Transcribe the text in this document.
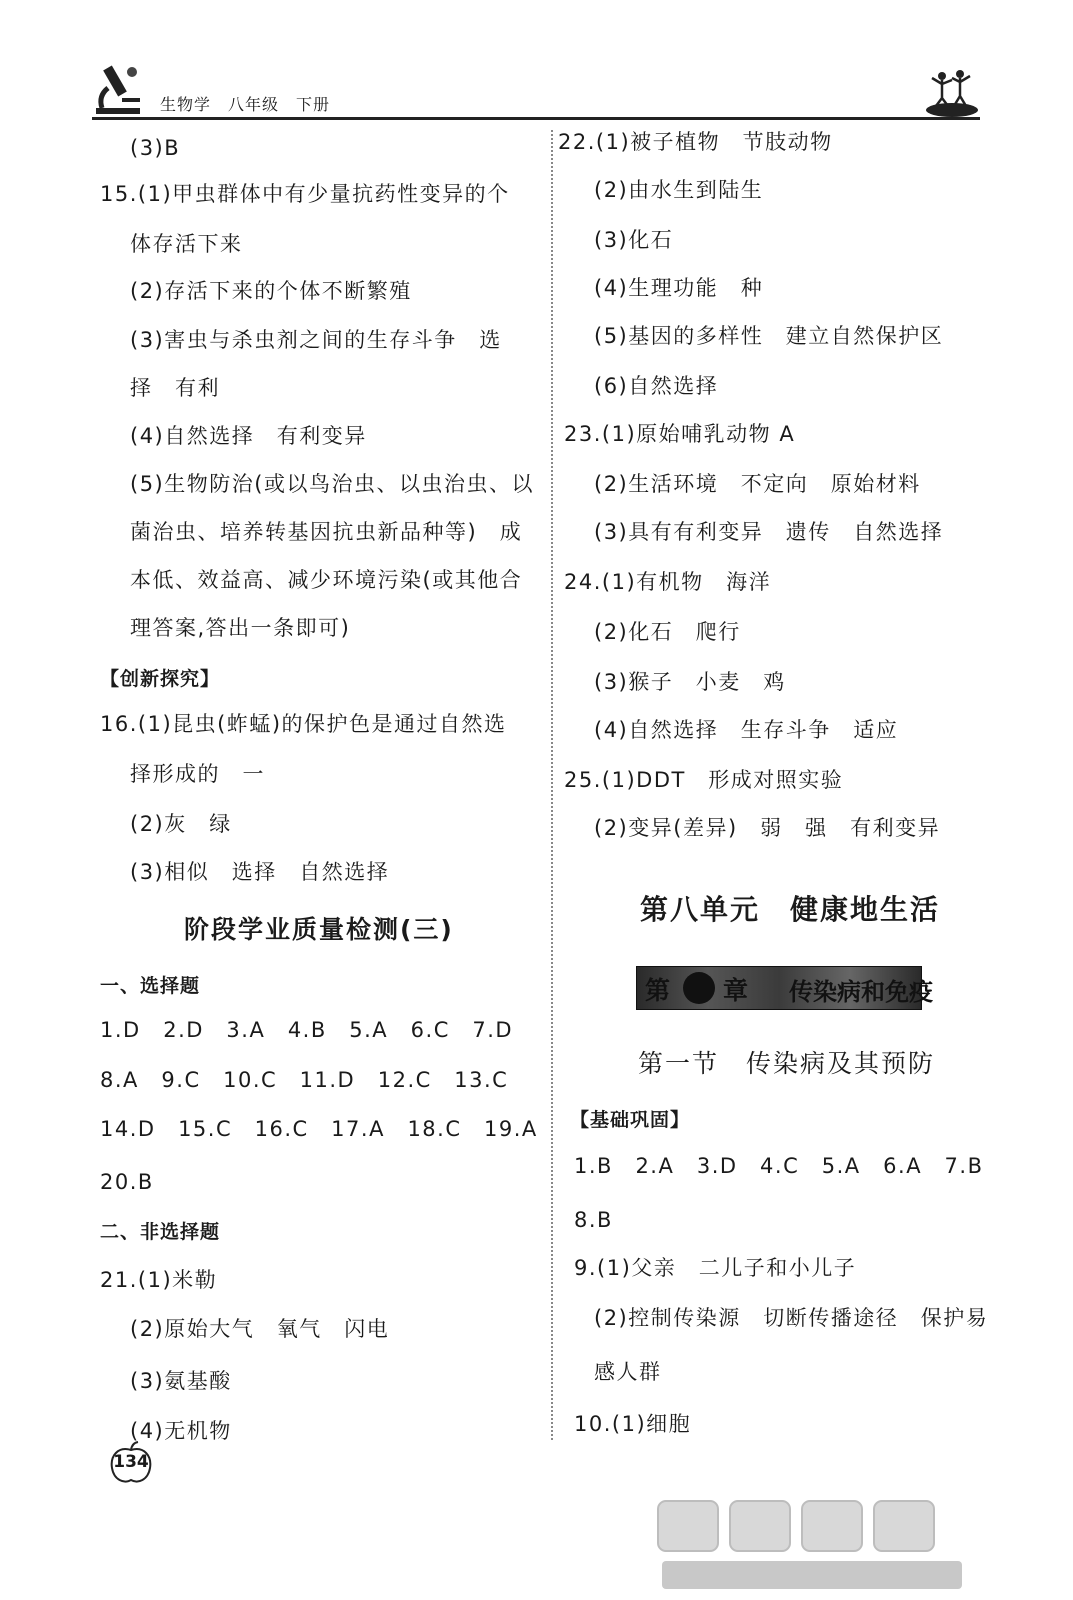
生物学　八年级　下册
(3)B
15.(1)甲虫群体中有少量抗药性变异的个
体存活下来
(2)存活下来的个体不断繁殖
(3)害虫与杀虫剂之间的生存斗争　选
择　有利
(4)自然选择　有利变异
(5)生物防治(或以鸟治虫、以虫治虫、以
菌治虫、培养转基因抗虫新品种等)　成
本低、效益高、减少环境污染(或其他合
理答案,答出一条即可)
【创新探究】
16.(1)昆虫(蚱蜢)的保护色是通过自然选
择形成的　一
(2)灰　绿
(3)相似　选择　自然选择
阶段学业质量检测(三)
一、选择题
1.D　2.D　3.A　4.B　5.A　6.C　7.D
8.A　9.C　10.C　11.D　12.C　13.C
14.D　15.C　16.C　17.A　18.C　19.A
20.B
二、非选择题
21.(1)米勒
(2)原始大气　氧气　闪电
(3)氨基酸
(4)无机物
22.(1)被子植物　节肢动物
(2)由水生到陆生
(3)化石
(4)生理功能　种
(5)基因的多样性　建立自然保护区
(6)自然选择
23.(1)原始哺乳动物 A
(2)生活环境　不定向　原始材料
(3)具有有利变异　遗传　自然选择
24.(1)有机物　海洋
(2)化石　爬行
(3)猴子　小麦　鸡
(4)自然选择　生存斗争　适应
25.(1)DDT　形成对照实验
(2)变异(差异)　弱　强　有利变异
第八单元　健康地生活
第 章 传染病和免疫
第一节　传染病及其预防
【基础巩固】
1.B　2.A　3.D　4.C　5.A　6.A　7.B
8.B
9.(1)父亲　二儿子和小儿子
(2)控制传染源　切断传播途径　保护易
感人群
10.(1)细胞
134
